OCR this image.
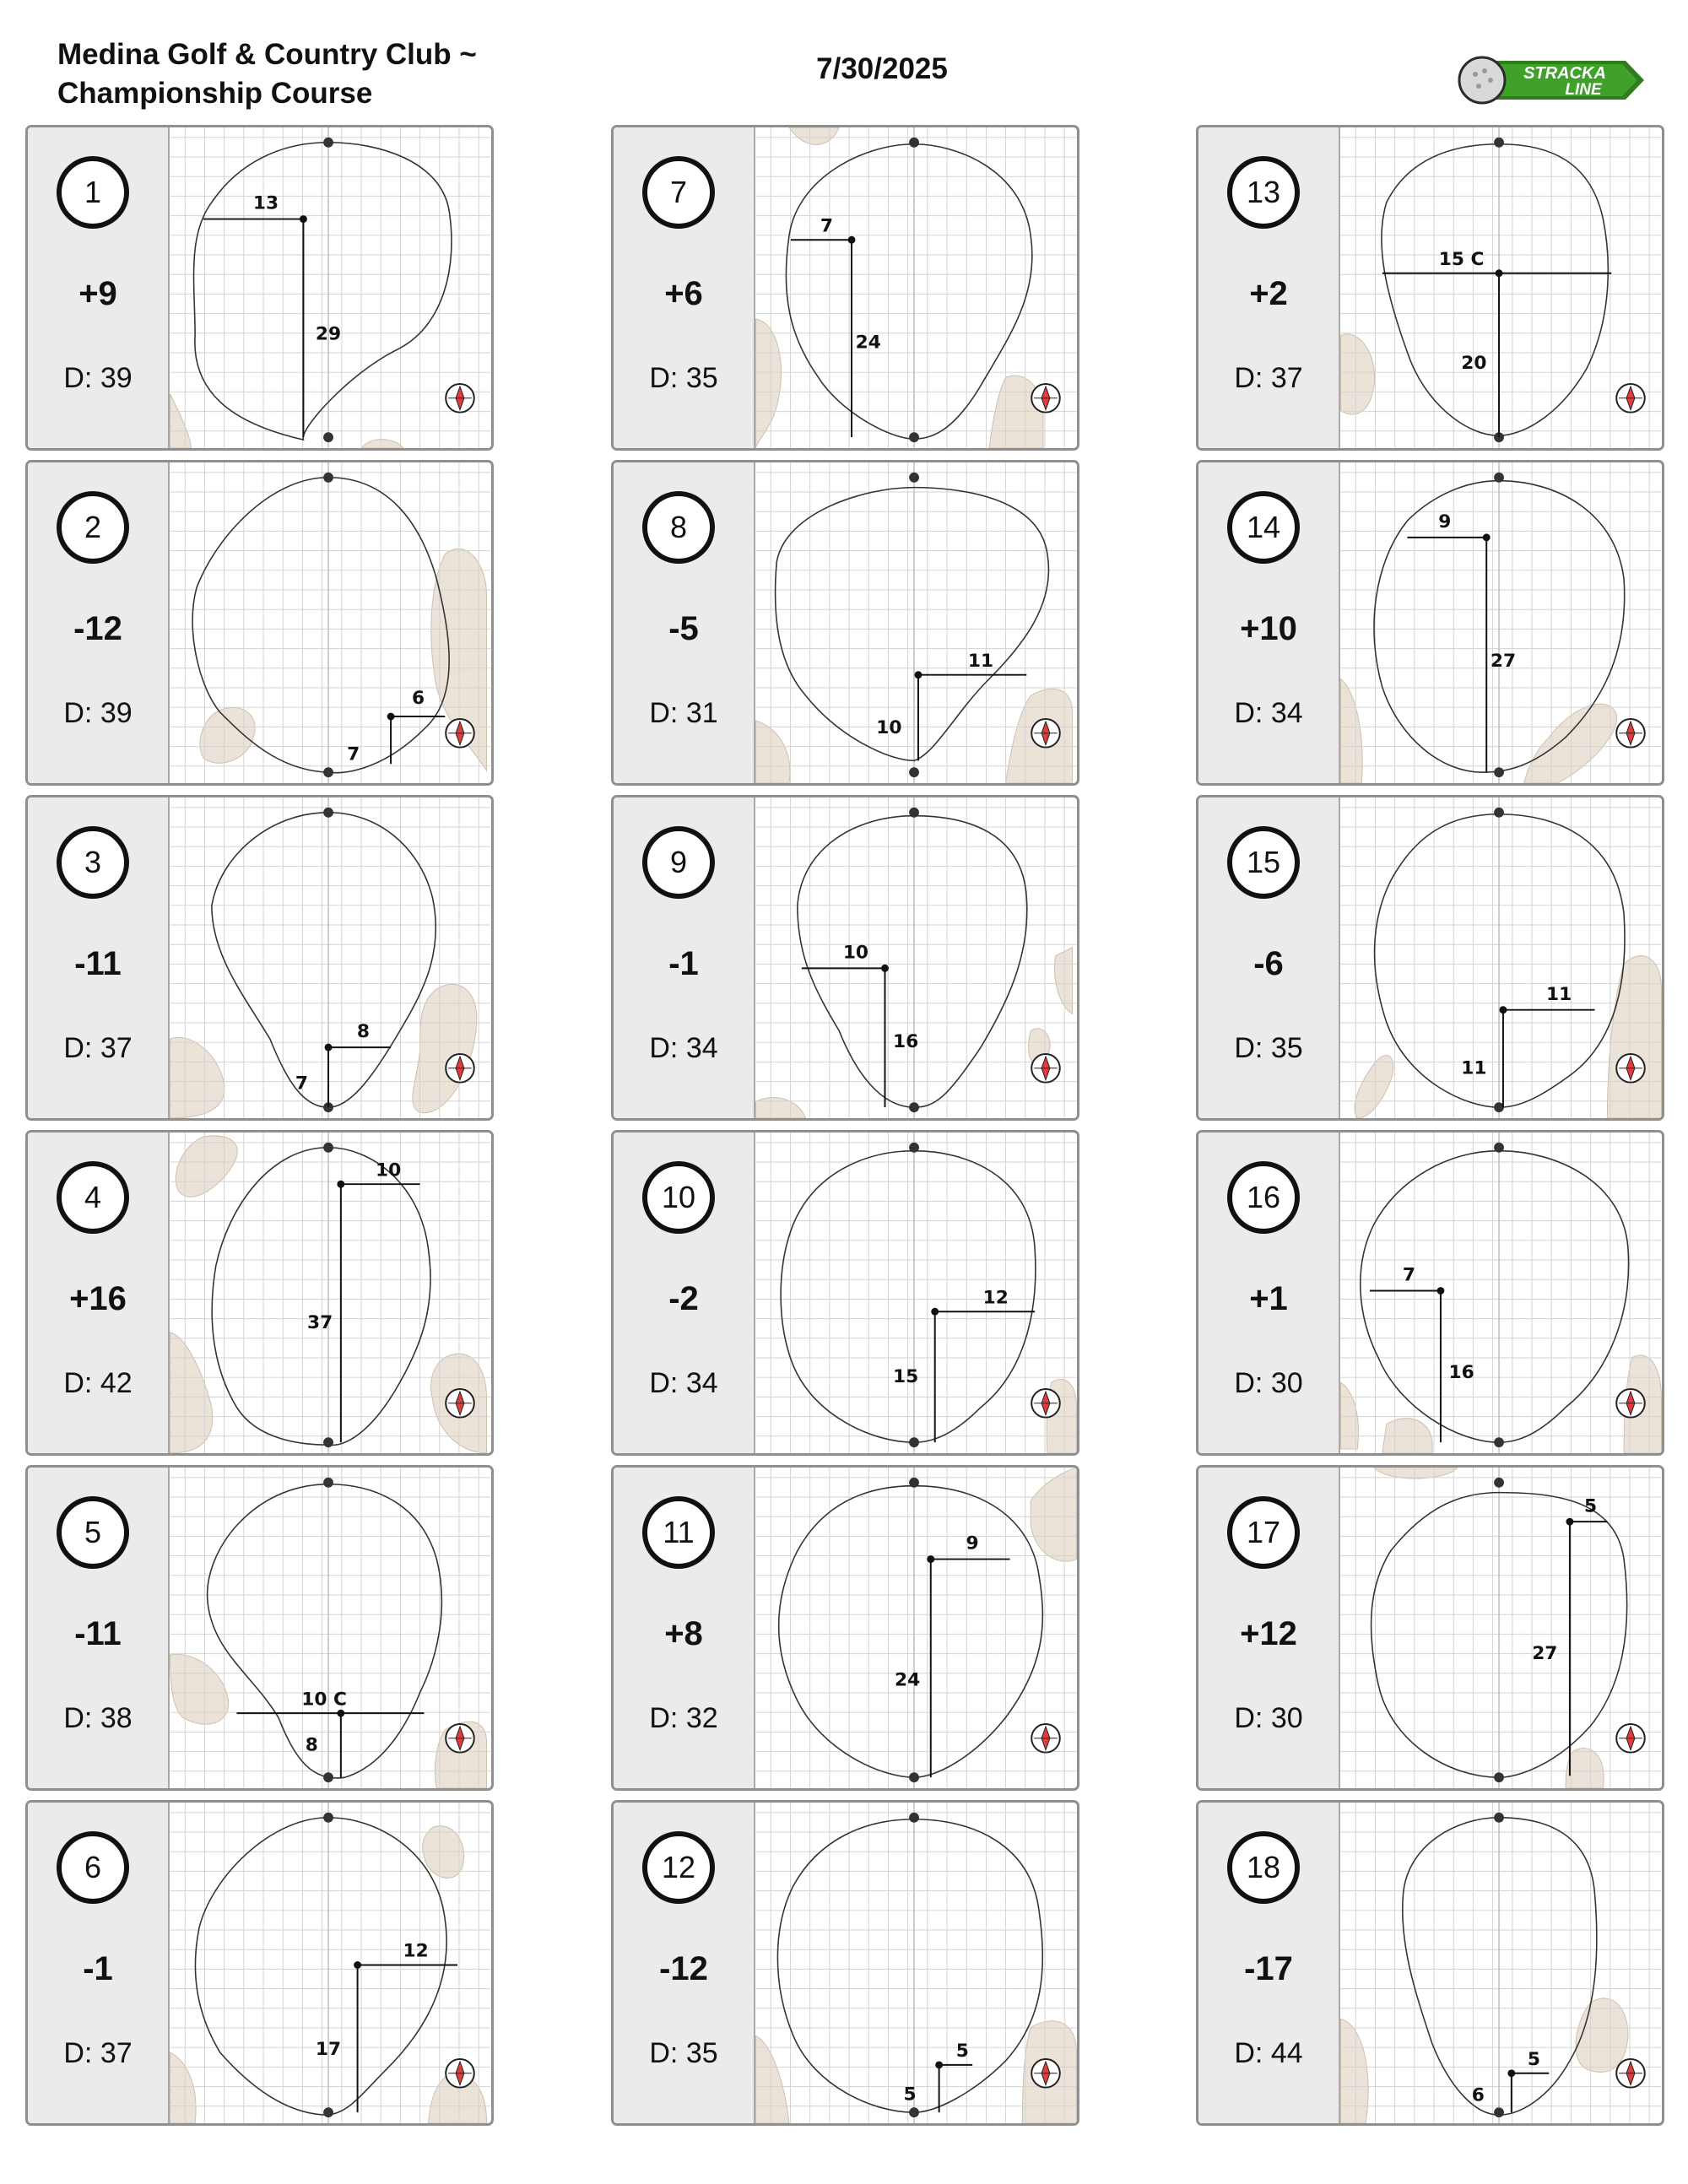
Medina Golf & Country Club ~
Championship Course
7/30/2025	STRACKA
LINE
1
+9
D: 39
13
29
2
-12
D: 39	6
7
3
-11
D: 37
8
7
4
+16
D: 42
10
37
5
-11
D: 38
10 C
8
6
-1
D: 37
12
17
7
+6
D: 35
7
24
8
-5
D: 31
11
10
9
-1
D: 34
10
16
10
-2
D: 34
12
15
11
+8
D: 32
9
24
12
-12
D: 35	5
5
13
+2
D: 37
15 C
20
14
+10
D: 34
9
27
15
-6
D: 35
11
11
16
+1
D: 30
7
16
17
+12
D: 30
5
27
18
-17
D: 44	5
6
